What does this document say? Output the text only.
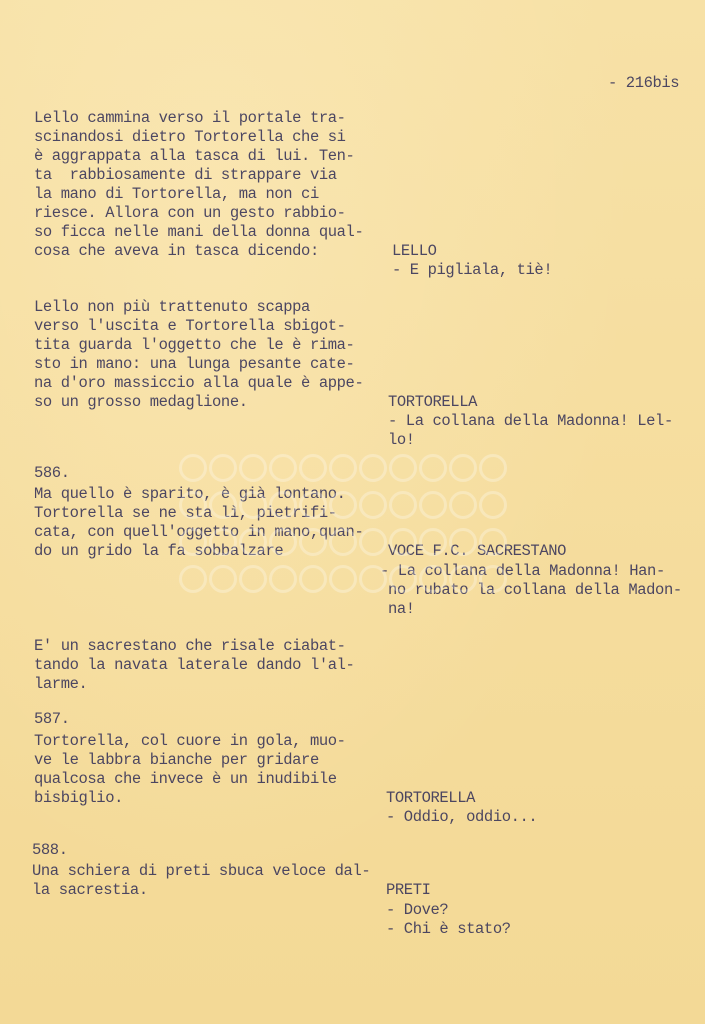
- 216bis
Lello cammina verso il portale tra-
scinandosi dietro Tortorella che si
è aggrappata alla tasca di lui. Ten-
ta  rabbiosamente di strappare via
la mano di Tortorella, ma non ci
riesce. Allora con un gesto rabbio-
so ficca nelle mani della donna qual-
cosa che aveva in tasca dicendo:	LELLO
- E pigliala, tiè!
Lello non più trattenuto scappa
verso l'uscita e Tortorella sbigot-
tita guarda l'oggetto che le è rima-
sto in mano: una lunga pesante cate-
na d'oro massiccio alla quale è appe-
so un grosso medaglione.	TORTORELLA
- La collana della Madonna! Lel-
lo!
586.
Ma quello è sparito, è già lontano.
Tortorella se ne sta lì, pietrifi-
cata, con quell'oggetto in mano,quan-
do un grido la fa sobbalzare	VOCE F.C. SACRESTANO
- La collana della Madonna! Han-
no rubato la collana della Madon-
na!

E' un sacrestano che risale ciabat-
tando la navata laterale dando l'al-
larme.
587.
Tortorella, col cuore in gola, muo-
ve le labbra bianche per gridare
qualcosa che invece è un inudibile
bisbiglio.	TORTORELLA
- Oddio, oddio...
588.
Una schiera di preti sbuca veloce dal-
la sacrestia.	PRETI
- Dove?
- Chi è stato?
